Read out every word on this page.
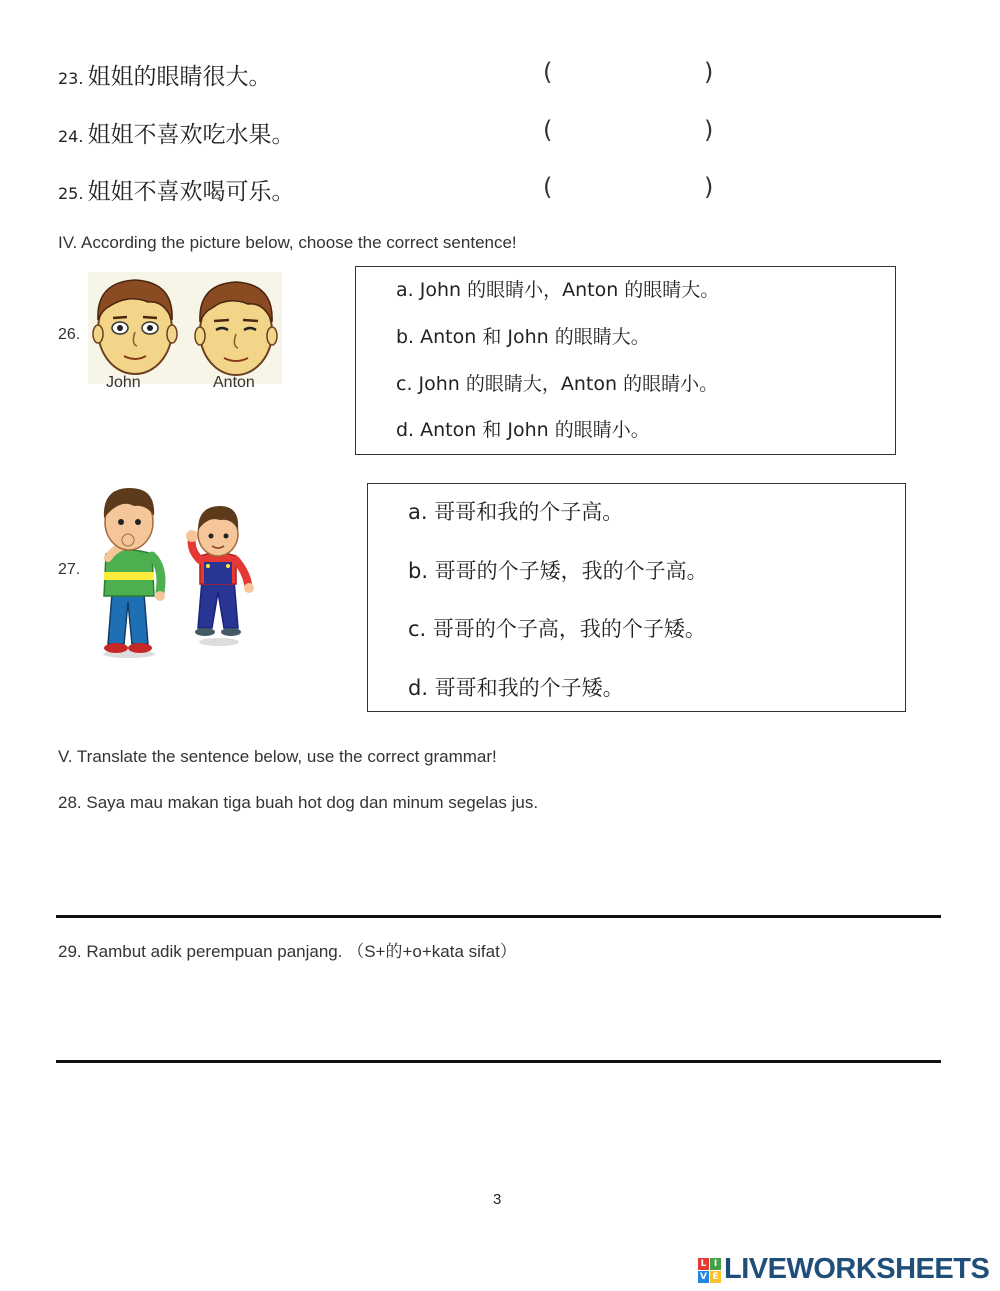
23. 姐姐的眼睛很大。	(	)
24. 姐姐不喜欢吃水果。	(	)
25. 姐姐不喜欢喝可乐。	(	)
IV. According the picture below, choose the correct sentence!
26.
John	Anton
a. John 的眼睛小，Anton 的眼睛大。
b. Anton 和 John 的眼睛大。
c. John 的眼睛大，Anton 的眼睛小。
d. Anton 和 John 的眼睛小。
27.
a. 哥哥和我的个子高。
b. 哥哥的个子矮，我的个子高。
c. 哥哥的个子高，我的个子矮。
d. 哥哥和我的个子矮。
V. Translate the sentence below, use the correct grammar!
28. Saya mau makan tiga buah hot dog dan minum segelas jus.
29. Rambut adik perempuan panjang. （S+的+o+kata sifat）
3
L I
V E LIVEWORKSHEETS
